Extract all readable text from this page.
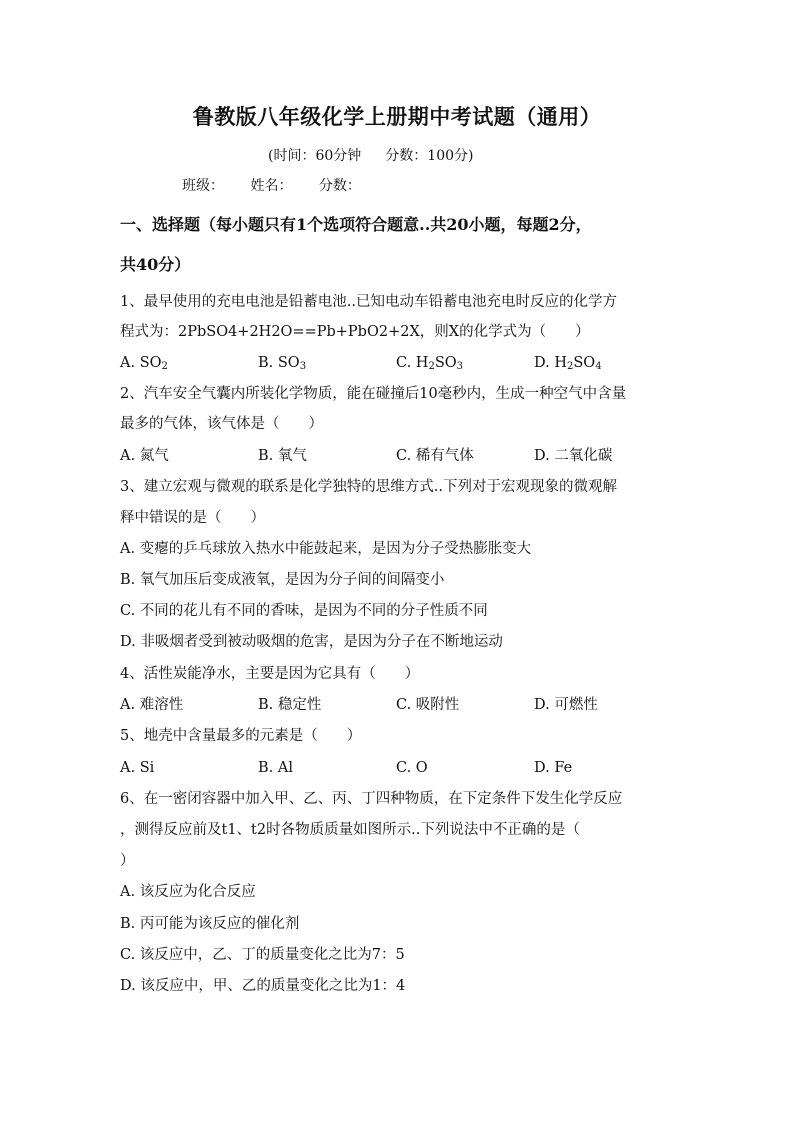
鲁教版八年级化学上册期中考试题（通用）
(时间：60分钟 分数：100分)
班级： 姓名： 分数：
一、选择题（每小题只有1个选项符合题意..共20小题，每题2分，
共40分）
1、最早使用的充电电池是铅蓄电池..已知电动车铅蓄电池充电时反应的化学方
程式为：2PbSO4+2H2O==Pb+PbO2+2X，则X的化学式为（　　）
A. $SO_2$	B. $SO_3$	C. $H_2SO_3$	D. $H_2SO_4$
2、汽车安全气囊内所装化学物质，能在碰撞后10毫秒内，生成一种空气中含量
最多的气体，该气体是（　　）
A. 氮气	B. 氧气	C. 稀有气体	D. 二氧化碳
3、建立宏观与微观的联系是化学独特的思维方式..下列对于宏观现象的微观解
释中错误的是（　　）
A. 变瘪的乒乓球放入热水中能鼓起来，是因为分子受热膨胀变大
B. 氧气加压后变成液氧，是因为分子间的间隔变小
C. 不同的花儿有不同的香味，是因为不同的分子性质不同
D. 非吸烟者受到被动吸烟的危害，是因为分子在不断地运动
4、活性炭能净水，主要是因为它具有（　　）
A. 难溶性	B. 稳定性	C. 吸附性	D. 可燃性
5、地壳中含量最多的元素是（　　）
A. Si	B. Al	C. O	D. Fe
6、在一密闭容器中加入甲、乙、丙、丁四种物质，在下定条件下发生化学反应
，测得反应前及t1、t2时各物质质量如图所示..下列说法中不正确的是（
）
A. 该反应为化合反应
B. 丙可能为该反应的催化剂
C. 该反应中，乙、丁的质量变化之比为7：5
D. 该反应中，甲、乙的质量变化之比为1：4
